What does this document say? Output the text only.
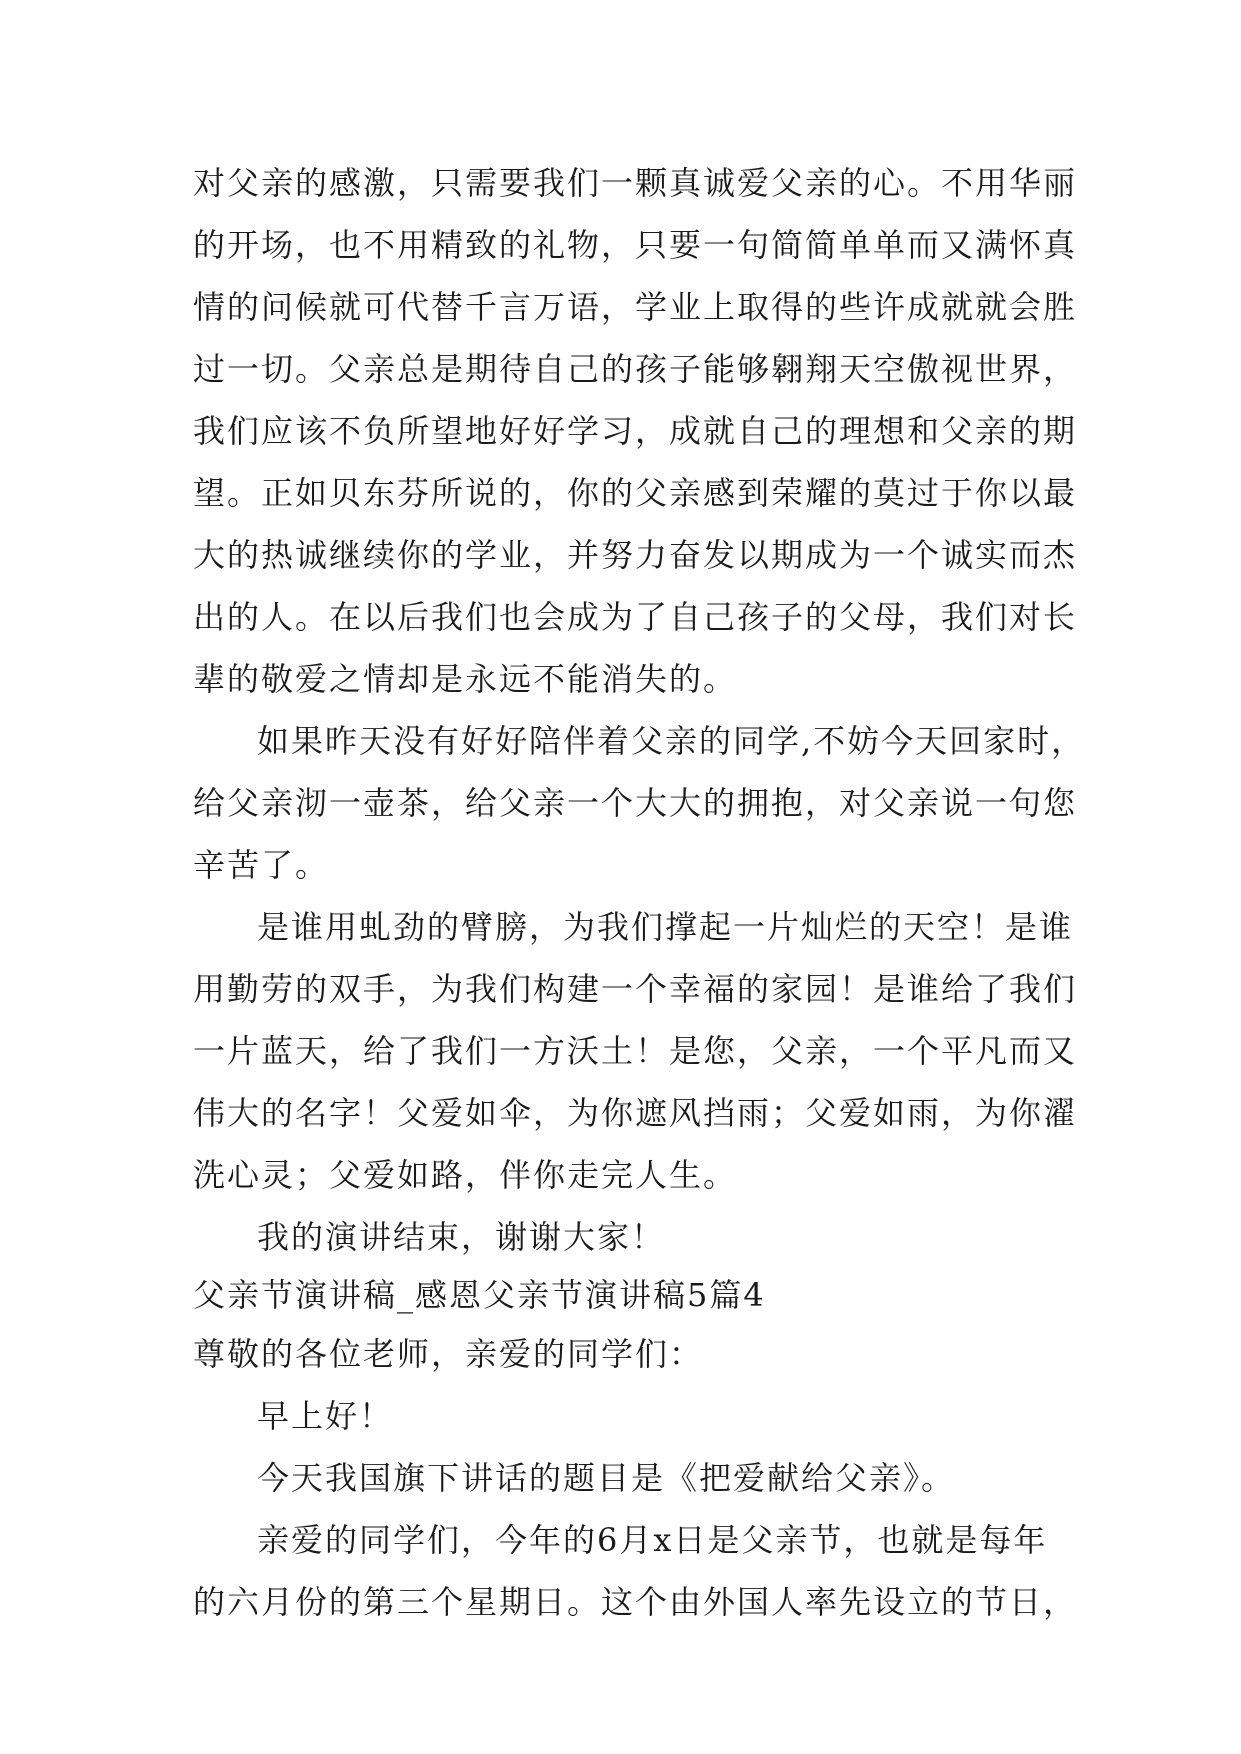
对父亲的感激，只需要我们一颗真诚爱父亲的心。不用华丽
的开场，也不用精致的礼物，只要一句简简单单而又满怀真
情的问候就可代替千言万语，学业上取得的些许成就就会胜
过一切。父亲总是期待自己的孩子能够翱翔天空傲视世界，
我们应该不负所望地好好学习，成就自己的理想和父亲的期
望。正如贝东芬所说的，你的父亲感到荣耀的莫过于你以最
大的热诚继续你的学业，并努力奋发以期成为一个诚实而杰
出的人。在以后我们也会成为了自己孩子的父母，我们对长
辈的敬爱之情却是永远不能消失的。
如果昨天没有好好陪伴着父亲的同学,不妨今天回家时，
给父亲沏一壶茶，给父亲一个大大的拥抱，对父亲说一句您
辛苦了。
是谁用虬劲的臂膀，为我们撑起一片灿烂的天空！是谁
用勤劳的双手，为我们构建一个幸福的家园！是谁给了我们
一片蓝天，给了我们一方沃土！是您，父亲，一个平凡而又
伟大的名字！父爱如伞，为你遮风挡雨；父爱如雨，为你濯
洗心灵；父爱如路，伴你走完人生。
我的演讲结束，谢谢大家！
父亲节演讲稿_感恩父亲节演讲稿5篇4
尊敬的各位老师，亲爱的同学们：
早上好！
今天我国旗下讲话的题目是《把爱献给父亲》。
亲爱的同学们，今年的6月x日是父亲节，也就是每年
的六月份的第三个星期日。这个由外国人率先设立的节日，
